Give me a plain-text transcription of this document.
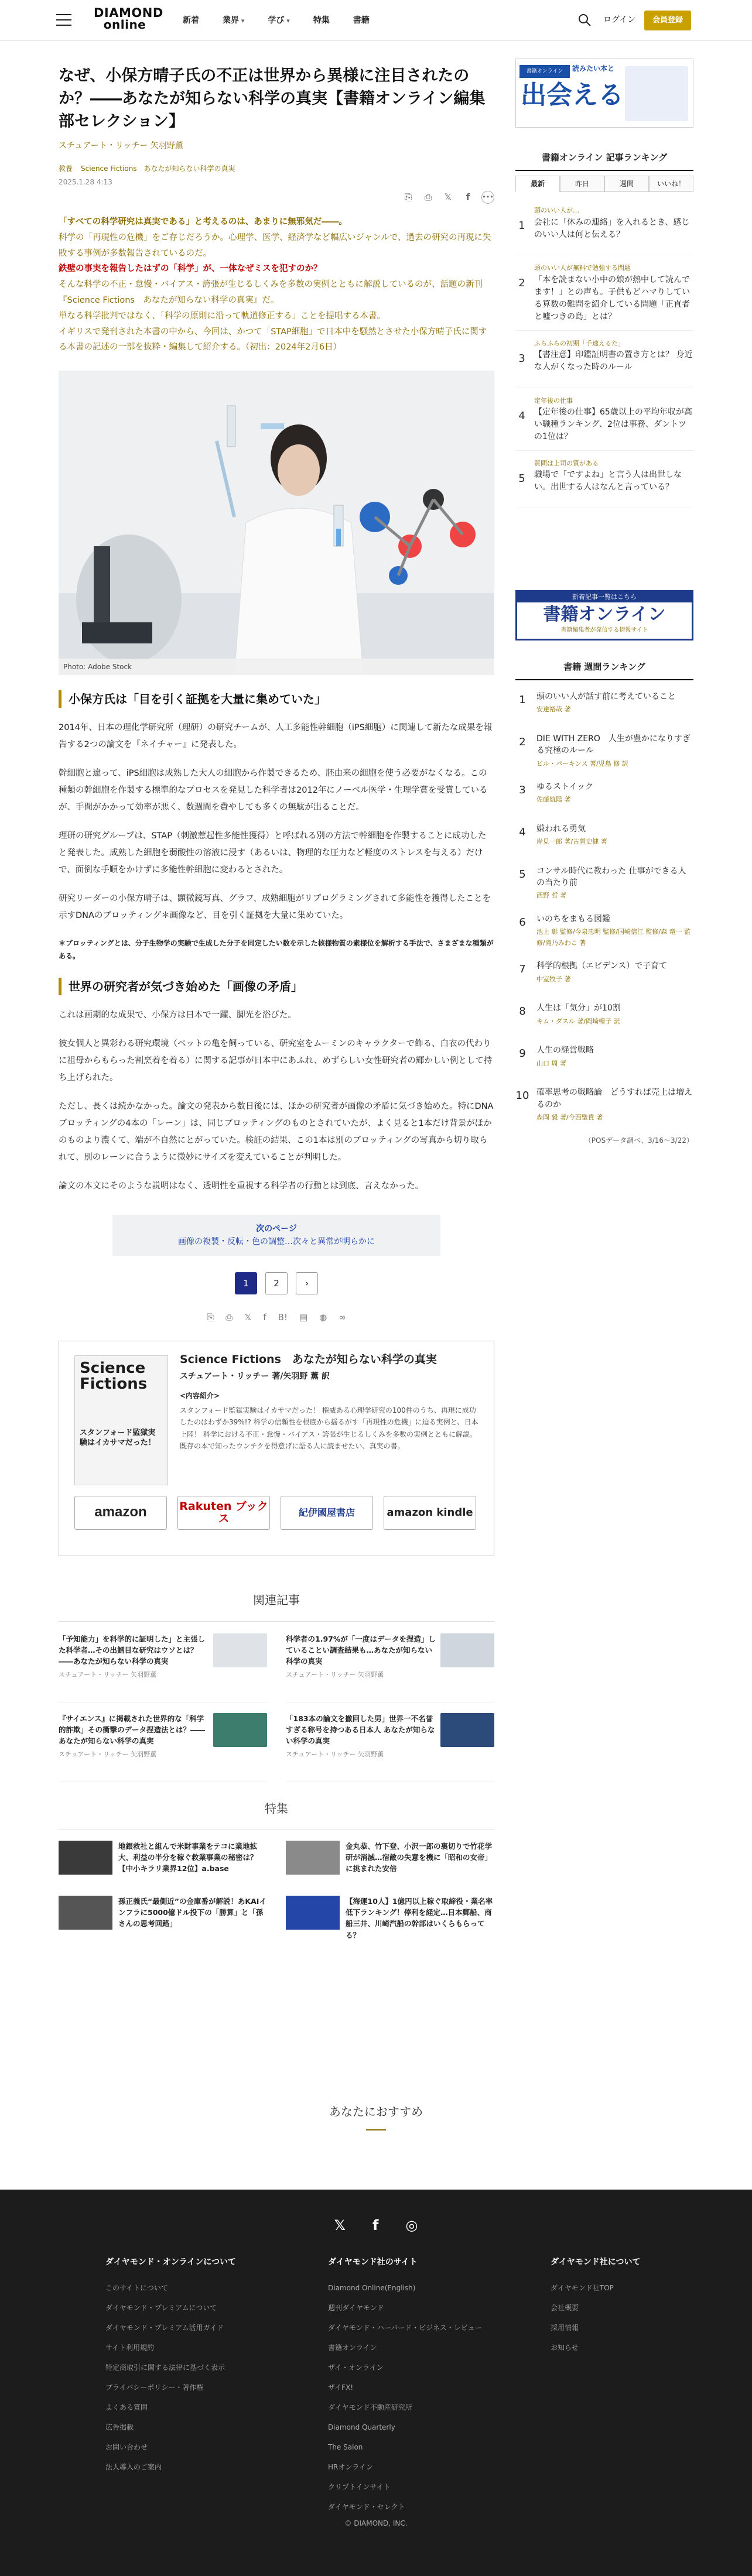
DIAMOND
online	新着	業界 ▾	学び ▾	特集	書籍	ログイン	会員登録
なぜ、小保方晴子氏の不正は世界から異様に注目されたのか？――あなたが知らない科学の真実【書籍オンライン編集部セレクション】
スチュアート・リッチー 矢羽野薫
教養 Science Fictions　あなたが知らない科学の真実
2025.1.28 4:13
⎘ ⎙ 𝕏	f	•••

「すべての科学研究は真実である」と考えるのは、あまりに無邪気だ――。

科学の「再現性の危機」をご存じだろうか。心理学、医学、経済学など幅広いジャンルで、過去の研究の再現に失敗する事例が多数報告されているのだ。

鉄壁の事実を報告したはずの「科学」が、一体なぜミスを犯すのか？

そんな科学の不正・怠慢・バイアス・誇張が生じるしくみを多数の実例とともに解説しているのが、話題の新刊『Science Fictions　あなたが知らない科学の真実』だ。

単なる科学批判ではなく、「科学の原則に沿って軌道修正する」ことを提唱する本書。

イギリスで発刊された本書の中から、今回は、かつて「STAP細胞」で日本中を騒然とさせた小保方晴子氏に関する本書の記述の一部を抜粋・編集して紹介する。（初出：2024年2月6日）

Photo: Adobe Stock
小保方氏は「目を引く証拠を大量に集めていた」

2014年、日本の理化学研究所（理研）の研究チームが、人工多能性幹細胞（iPS細胞）に関連して新たな成果を報告する2つの論文を『ネイチャー』に発表した。

幹細胞と違って、iPS細胞は成熟した大人の細胞から作製できるため、胚由来の細胞を使う必要がなくなる。この種類の幹細胞を作製する標準的なプロセスを発見した科学者は2012年にノーベル医学・生理学賞を受賞しているが、手間がかかって効率が悪く、数週間を費やしても多くの無駄が出ることだ。

理研の研究グループは、STAP（刺激惹起性多能性獲得）と呼ばれる別の方法で幹細胞を作製することに成功したと発表した。成熟した細胞を弱酸性の溶液に浸す（あるいは、物理的な圧力など軽度のストレスを与える）だけで、面倒な手順をかけずに多能性幹細胞に変わるとされた。

研究リーダーの小保方晴子は、顕微鏡写真、グラフ、成熟細胞がリプログラミングされて多能性を獲得したことを示すDNAのブロッティング＊画像など、目を引く証拠を大量に集めていた。

＊ブロッティングとは、分子生物学の実験で生成した分子を同定したい数を示した核様物質の素様位を解析する手法で、さまざまな種類がある。
世界の研究者が気づき始めた「画像の矛盾」

これは画期的な成果で、小保方は日本で一躍、脚光を浴びた。

彼女個人と異彩わる研究環境（ペットの亀を飼っている、研究室をムーミンのキャラクターで飾る、白衣の代わりに祖母からもらった割烹着を着る）に関する記事が日本中にあふれ、めずらしい女性研究者の輝かしい例として持ち上げられた。

ただし、長くは続かなかった。論文の発表から数日後には、ほかの研究者が画像の矛盾に気づき始めた。特にDNAブロッティングの4本の「レーン」は、同じブロッティングのものとされていたが、よく見ると1本だけ背景がほかのものより濃くて、端が不自然にとがっていた。検証の結果、この1本は別のブロッティングの写真から切り取られて、別のレーンに合うように微妙にサイズを変えていることが判明した。

論文の本文にそのような説明はなく、透明性を重視する科学者の行動とは到底、言えなかった。

次のページ
画像の複製・反転・色の調整…次々と異常が明らかに
1	2	›
⎘ ⎙ 𝕏 f B! ▤ ◍ ∞
Science Fictions
スタンフォード監獄実験はイカサマだった！
Science Fictions　あなたが知らない科学の真実
スチュアート・リッチー 著/矢羽野 薫 訳
<内容紹介>
スタンフォード監獄実験はイカサマだった！ 権威ある心理学研究の100件のうち、再現に成功したのはわずか39%!? 科学の信頼性を根底から揺るがす「再現性の危機」に迫る実例と、日本上陸！ 科学における不正・怠慢・バイアス・誇張が生じるしくみを多数の実例とともに解説。既存の本で知ったウンチクを得意げに語る人に読ませたい、真実の書。
amazon	Rakuten ブックス	紀伊國屋書店	amazon kindle
関連記事
「予知能力」を科学的に証明した」と主張した科学者…その出鱈目な研究はウソとは？――あなたが知らない科学の真実
スチュアート・リッチー 矢羽野薫
科学者の1.97%が「一度はデータを捏造」していることい調査結果も…あなたが知らない科学の真実
スチュアート・リッチー 矢羽野薫
『サイエンス』に掲載された世界的な「科学的詐欺」その衝撃のデータ捏造法とは？――あなたが知らない科学の真実
スチュアート・リッチー 矢羽野薫
「183本の論文を撤回した男」世界一不名誉すぎる称号を持つある日本人 あなたが知らない科学の真実
スチュアート・リッチー 矢羽野薫
特集
地銀救社と組んで米財事業をテコに業地拡大、利益の半分を稼ぐ救業事業の秘密は？【中小キラリ業界12位】a.base
金丸恭、竹下登、小沢一郎の裏切りで竹花学研が消滅…宿敵の失意を機に「昭和の女帝」に挑まれた安倍
孫正義氏“最側近”の金庫番が解説！あKAIインフラに5000億ドル投下の「勝算」と「孫さんの思考回路」
【海運10人】1億円以上稼ぐ取締役・業名率低下ランキング！停利を経定…日本郵船、商船三井、川崎汽船の幹部はいくらもらってる？
書籍オンライン	読みたい本と
出会える
書籍オンライン 記事ランキング
最新	昨日	週間	いいね！
1
頭のいい人が…
会社に「休みの連絡」を入れるとき、感じのいい人は何と伝える？
2
頭のいい人が無料で勉強する問題
「本を読まない小中の娘が熱中して読んでます！」との声も。子供もどハマりしている算数の難問を紹介している問題「正直者と嘘つきの島」とは？
3
ふらふらの初期「手速えるた」
【書注意】印鑑証明書の置き方とは？ 身近な人がくなった時のルール
4
定年後の仕事
【定年後の仕事】65歳以上の平均年収が高い職種ランキング、2位は事務、ダントツの1位は？
5
質問は上司の質がある
職場で「ですよね」と言う人は出世しない。出世する人はなんと言っている？
新着記事一覧はこちら
書籍オンライン
書籍編集者が発信する情報サイト
書籍 週間ランキング
1	頭のいい人が話す前に考えていること
安達裕哉 著
2	DIE WITH ZERO　人生が豊かになりすぎる究極のルール
ビル・パーキンス 著/児島 修 訳
3	ゆるストイック
佐藤航陽 著
4	嫌われる勇気
岸見一郎 著/古賀史健 著
5	コンサル時代に教わった 仕事ができる人の当たり前
西野 哲 著
6	いのちをまもる図鑑
池上 彰 監修/今泉忠明 監修/国崎信江 監修/森 竜一 監修/滝乃みわこ 著
7	科学的根拠（エビデンス）で子育て
中室牧子 著
8	人生は「気分」が10割
キム・ダスル 著/岡崎暢子 訳
9	人生の経営戦略
山口 周 著
10 確率思考の戦略論　どうすれば売上は増えるのか
森岡 毅 著/今西聖貴 著
（POSデータ調べ、3/16〜3/22）
あなたにおすすめ
𝕏 f ◎
ダイヤモンド・オンラインについて
このサイトについて
ダイヤモンド・プレミアムについて
ダイヤモンド・プレミアム活用ガイド
サイト利用規約
特定商取引に関する法律に基づく表示
プライバシーポリシー・著作権
よくある質問
広告掲載
お問い合わせ
法人導入のご案内
ダイヤモンド社のサイト
Diamond Online(English)
週刊ダイヤモンド
ダイヤモンド・ハーバード・ビジネス・レビュー
書籍オンライン
ザイ・オンライン
ザイFX!
ダイヤモンド不動産研究所
Diamond Quarterly
The Salon
HRオンライン
クリプトインサイト
ダイヤモンド・セレクト
ダイヤモンド社について
ダイヤモンド社TOP
会社概要
採用情報
お知らせ
© DIAMOND, INC.
